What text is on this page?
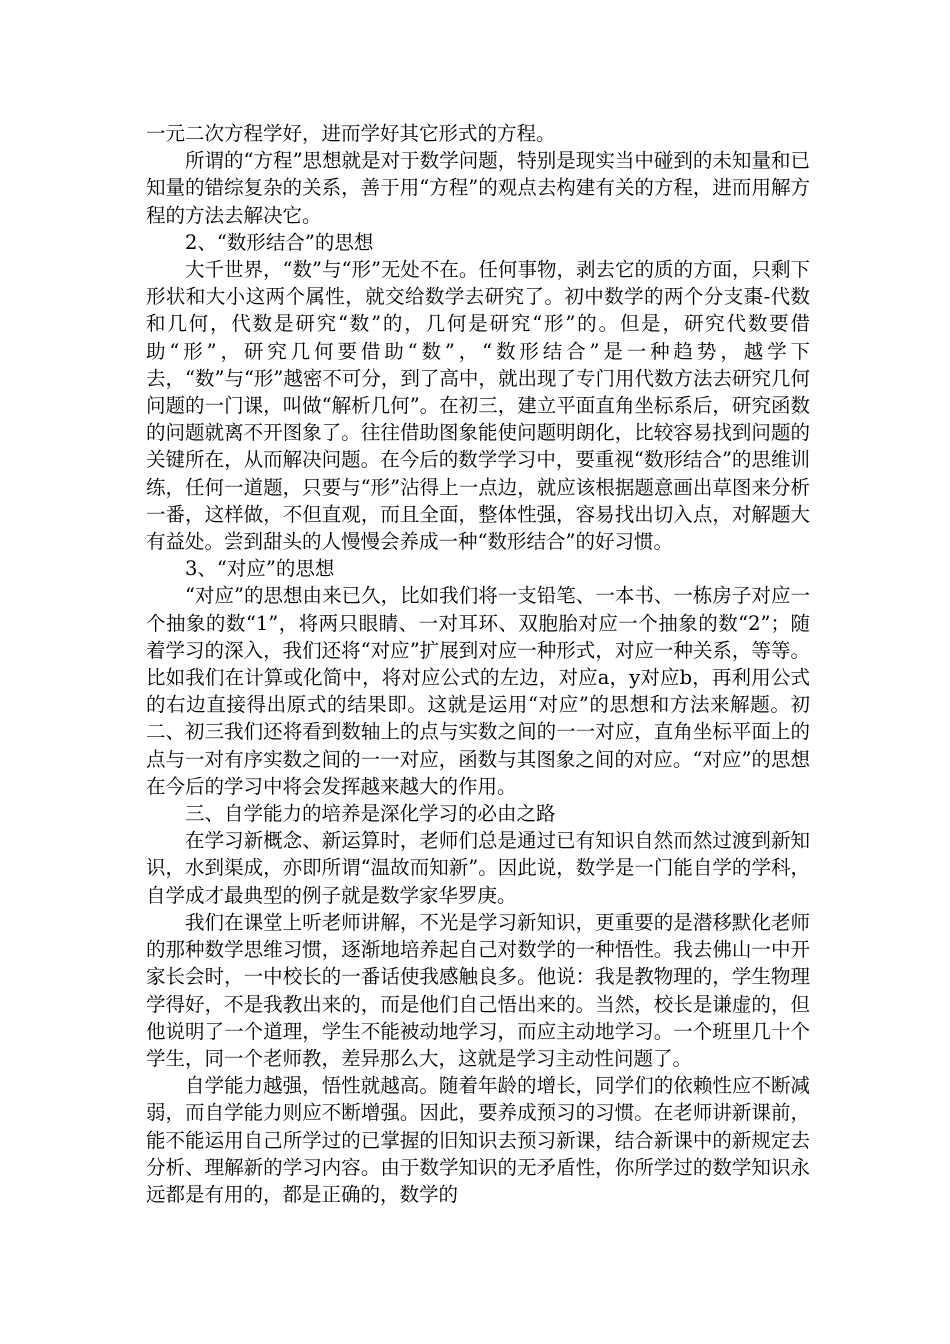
一元二次方程学好，进而学好其它形式的方程。

所谓的“方程”思想就是对于数学问题，特别是现实当中碰到的未知量和已知量的错综复杂的关系，善于用“方程”的观点去构建有关的方程，进而用解方程的方法去解决它。

2、“数形结合”的思想

大千世界，“数”与“形”无处不在。任何事物，剥去它的质的方面，只剩下形状和大小这两个属性，就交给数学去研究了。初中数学的两个分支棗-代数和几何，代数是研究“数”的，几何是研究“形”的。但是，研究代数要借助“形”，研究几何要借助“数”，“数形结合”是一种趋势，越学下去，“数”与“形”越密不可分，到了高中，就出现了专门用代数方法去研究几何问题的一门课，叫做“解析几何”。在初三，建立平面直角坐标系后，研究函数的问题就离不开图象了。往往借助图象能使问题明朗化，比较容易找到问题的关键所在，从而解决问题。在今后的数学学习中，要重视“数形结合”的思维训练，任何一道题，只要与“形”沾得上一点边，就应该根据题意画出草图来分析一番，这样做，不但直观，而且全面，整体性强，容易找出切入点，对解题大有益处。尝到甜头的人慢慢会养成一种“数形结合”的好习惯。

3、“对应”的思想

“对应”的思想由来已久，比如我们将一支铅笔、一本书、一栋房子对应一个抽象的数“1”，将两只眼睛、一对耳环、双胞胎对应一个抽象的数“2”；随着学习的深入，我们还将“对应”扩展到对应一种形式，对应一种关系，等等。比如我们在计算或化简中，将对应公式的左边，对应a，y对应b，再利用公式的右边直接得出原式的结果即。这就是运用“对应”的思想和方法来解题。初二、初三我们还将看到数轴上的点与实数之间的一一对应，直角坐标平面上的点与一对有序实数之间的一一对应，函数与其图象之间的对应。“对应”的思想在今后的学习中将会发挥越来越大的作用。

三、自学能力的培养是深化学习的必由之路

在学习新概念、新运算时，老师们总是通过已有知识自然而然过渡到新知识，水到渠成，亦即所谓“温故而知新”。因此说，数学是一门能自学的学科，自学成才最典型的例子就是数学家华罗庚。

我们在课堂上听老师讲解，不光是学习新知识，更重要的是潜移默化老师的那种数学思维习惯，逐渐地培养起自己对数学的一种悟性。我去佛山一中开家长会时，一中校长的一番话使我感触良多。他说：我是教物理的，学生物理学得好，不是我教出来的，而是他们自己悟出来的。当然，校长是谦虚的，但他说明了一个道理，学生不能被动地学习，而应主动地学习。一个班里几十个学生，同一个老师教，差异那么大，这就是学习主动性问题了。

自学能力越强，悟性就越高。随着年龄的增长，同学们的依赖性应不断减弱，而自学能力则应不断增强。因此，要养成预习的习惯。在老师讲新课前，能不能运用自己所学过的已掌握的旧知识去预习新课，结合新课中的新规定去分析、理解新的学习内容。由于数学知识的无矛盾性，你所学过的数学知识永远都是有用的，都是正确的，数学的
